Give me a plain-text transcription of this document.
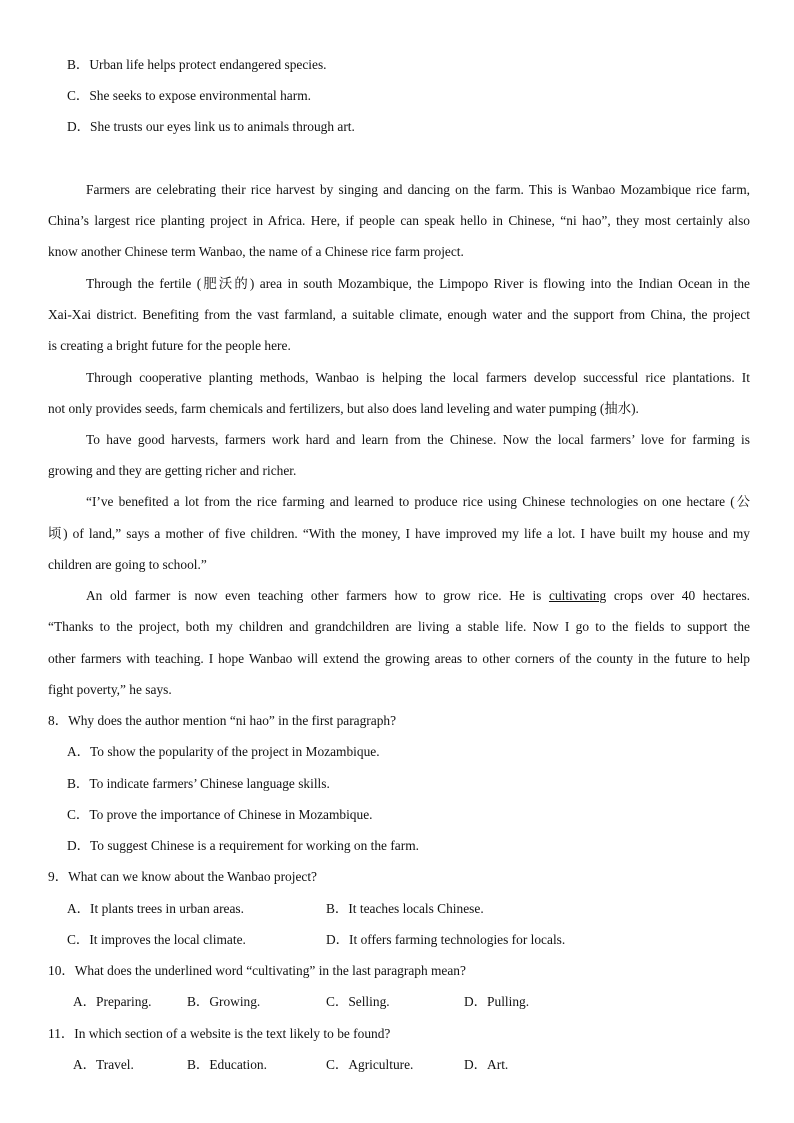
B．Urban life helps protect endangered species.
C．She seeks to expose environmental harm.
D．She trusts our eyes link us to animals through art.
Farmers are celebrating their rice harvest by singing and dancing on the farm. This is Wanbao Mozambique rice farm,
China’s largest rice planting project in Africa. Here, if people can speak hello in Chinese, “ni hao”, they most certainly also
know another Chinese term Wanbao, the name of a Chinese rice farm project.
Through the fertile (肥沃的) area in south Mozambique, the Limpopo River is flowing into the Indian Ocean in the
Xai-Xai district. Benefiting from the vast farmland, a suitable climate, enough water and the support from China, the project
is creating a bright future for the people here.
Through cooperative planting methods, Wanbao is helping the local farmers develop successful rice plantations. It
not only provides seeds, farm chemicals and fertilizers, but also does land leveling and water pumping (抽水).
To have good harvests, farmers work hard and learn from the Chinese. Now the local farmers’ love for farming is
growing and they are getting richer and richer.
“I’ve benefited a lot from the rice farming and learned to produce rice using Chinese technologies on one hectare (公
顷) of land,” says a mother of five children. “With the money, I have improved my life a lot. I have built my house and my
children are going to school.”
An old farmer is now even teaching other farmers how to grow rice. He is cultivating crops over 40 hectares.
“Thanks to the project, both my children and grandchildren are living a stable life. Now I go to the fields to support the
other farmers with teaching. I hope Wanbao will extend the growing areas to other corners of the county in the future to help
fight poverty,” he says.
8．Why does the author mention “ni hao” in the first paragraph?
A．To show the popularity of the project in Mozambique.
B．To indicate farmers’ Chinese language skills.
C．To prove the importance of Chinese in Mozambique.
D．To suggest Chinese is a requirement for working on the farm.
9．What can we know about the Wanbao project?
A．It plants trees in urban areas.	B．It teaches locals Chinese.
C．It improves the local climate.	D．It offers farming technologies for locals.
10．What does the underlined word “cultivating” in the last paragraph mean?
A．Preparing.	B．Growing.	C．Selling.	D．Pulling.
11．In which section of a website is the text likely to be found?
A．Travel.	B．Education.	C．Agriculture.	D．Art.
